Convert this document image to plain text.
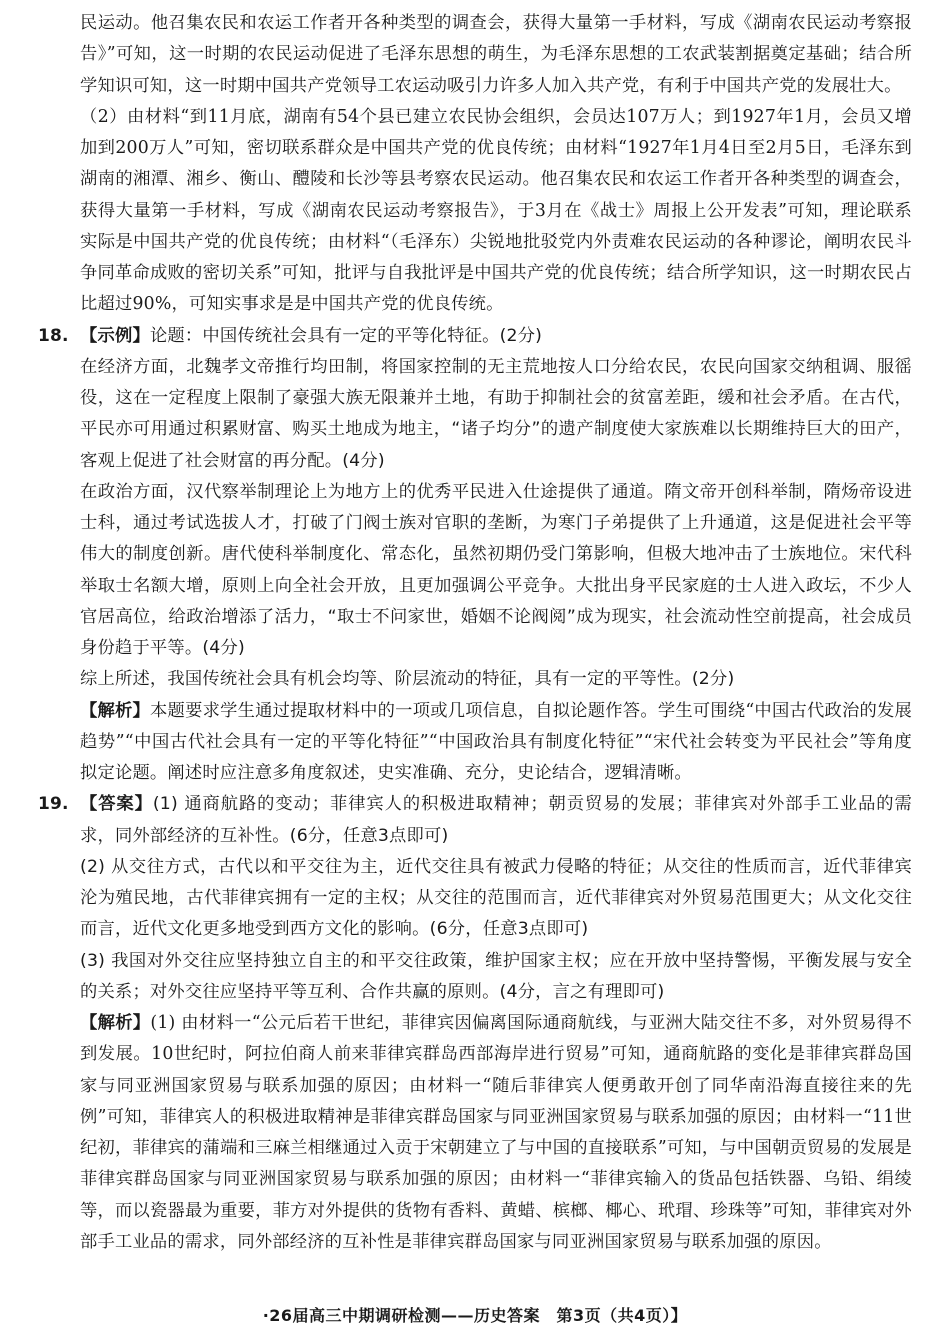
民运动。他召集农民和农运工作者开各种类型的调查会，获得大量第一手材料，写成《湖南农民运动考察报告》”可知，这一时期的农民运动促进了毛泽东思想的萌生，为毛泽东思想的工农武装割据奠定基础；结合所学知识可知，这一时期中国共产党领导工农运动吸引力许多人加入共产党，有利于中国共产党的发展壮大。

（2）由材料“到11月底，湖南有54个县已建立农民协会组织，会员达107万人；到1927年1月，会员又增加到200万人”可知，密切联系群众是中国共产党的优良传统；由材料“1927年1月4日至2月5日，毛泽东到湖南的湘潭、湘乡、衡山、醴陵和长沙等县考察农民运动。他召集农民和农运工作者开各种类型的调查会，获得大量第一手材料，写成《湖南农民运动考察报告》，于3月在《战士》周报上公开发表”可知，理论联系实际是中国共产党的优良传统；由材料“（毛泽东）尖锐地批驳党内外责难农民运动的各种谬论，阐明农民斗争同革命成败的密切关系”可知，批评与自我批评是中国共产党的优良传统；结合所学知识，这一时期农民占比超过90%，可知实事求是是中国共产党的优良传统。

18. 【示例】论题：中国传统社会具有一定的平等化特征。(2分)

在经济方面，北魏孝文帝推行均田制，将国家控制的无主荒地按人口分给农民，农民向国家交纳租调、服徭役，这在一定程度上限制了豪强大族无限兼并土地，有助于抑制社会的贫富差距，缓和社会矛盾。在古代，平民亦可用通过积累财富、购买土地成为地主，“诸子均分”的遗产制度使大家族难以长期维持巨大的田产，客观上促进了社会财富的再分配。(4分)

在政治方面，汉代察举制理论上为地方上的优秀平民进入仕途提供了通道。隋文帝开创科举制，隋炀帝设进士科，通过考试选拔人才，打破了门阀士族对官职的垄断，为寒门子弟提供了上升通道，这是促进社会平等伟大的制度创新。唐代使科举制度化、常态化，虽然初期仍受门第影响，但极大地冲击了士族地位。宋代科举取士名额大增，原则上向全社会开放，且更加强调公平竞争。大批出身平民家庭的士人进入政坛，不少人官居高位，给政治增添了活力，“取士不问家世，婚姻不论阀阅”成为现实，社会流动性空前提高，社会成员身份趋于平等。(4分)

综上所述，我国传统社会具有机会均等、阶层流动的特征，具有一定的平等性。(2分)

【解析】本题要求学生通过提取材料中的一项或几项信息，自拟论题作答。学生可围绕“中国古代政治的发展趋势”“中国古代社会具有一定的平等化特征”“中国政治具有制度化特征”“宋代社会转变为平民社会”等角度拟定论题。阐述时应注意多角度叙述，史实准确、充分，史论结合，逻辑清晰。

19. 【答案】(1) 通商航路的变动；菲律宾人的积极进取精神；朝贡贸易的发展；菲律宾对外部手工业品的需求，同外部经济的互补性。(6分，任意3点即可)

(2) 从交往方式，古代以和平交往为主，近代交往具有被武力侵略的特征；从交往的性质而言，近代菲律宾沦为殖民地，古代菲律宾拥有一定的主权；从交往的范围而言，近代菲律宾对外贸易范围更大；从文化交往而言，近代文化更多地受到西方文化的影响。(6分，任意3点即可)

(3) 我国对外交往应坚持独立自主的和平交往政策，维护国家主权；应在开放中坚持警惕，平衡发展与安全的关系；对外交往应坚持平等互利、合作共赢的原则。(4分，言之有理即可)

【解析】(1) 由材料一“公元后若干世纪，菲律宾因偏离国际通商航线，与亚洲大陆交往不多，对外贸易得不到发展。10世纪时，阿拉伯商人前来菲律宾群岛西部海岸进行贸易”可知，通商航路的变化是菲律宾群岛国家与同亚洲国家贸易与联系加强的原因；由材料一“随后菲律宾人便勇敢开创了同华南沿海直接往来的先例”可知，菲律宾人的积极进取精神是菲律宾群岛国家与同亚洲国家贸易与联系加强的原因；由材料一“11世纪初，菲律宾的蒲端和三麻兰相继通过入贡于宋朝建立了与中国的直接联系”可知，与中国朝贡贸易的发展是菲律宾群岛国家与同亚洲国家贸易与联系加强的原因；由材料一“菲律宾输入的货品包括铁器、乌铅、绢绫等，而以瓷器最为重要，菲方对外提供的货物有香料、黄蜡、槟榔、椰心、玳瑁、珍珠等”可知，菲律宾对外部手工业品的需求，同外部经济的互补性是菲律宾群岛国家与同亚洲国家贸易与联系加强的原因。

·26届高三中期调研检测——历史答案　第3页（共4页）】
